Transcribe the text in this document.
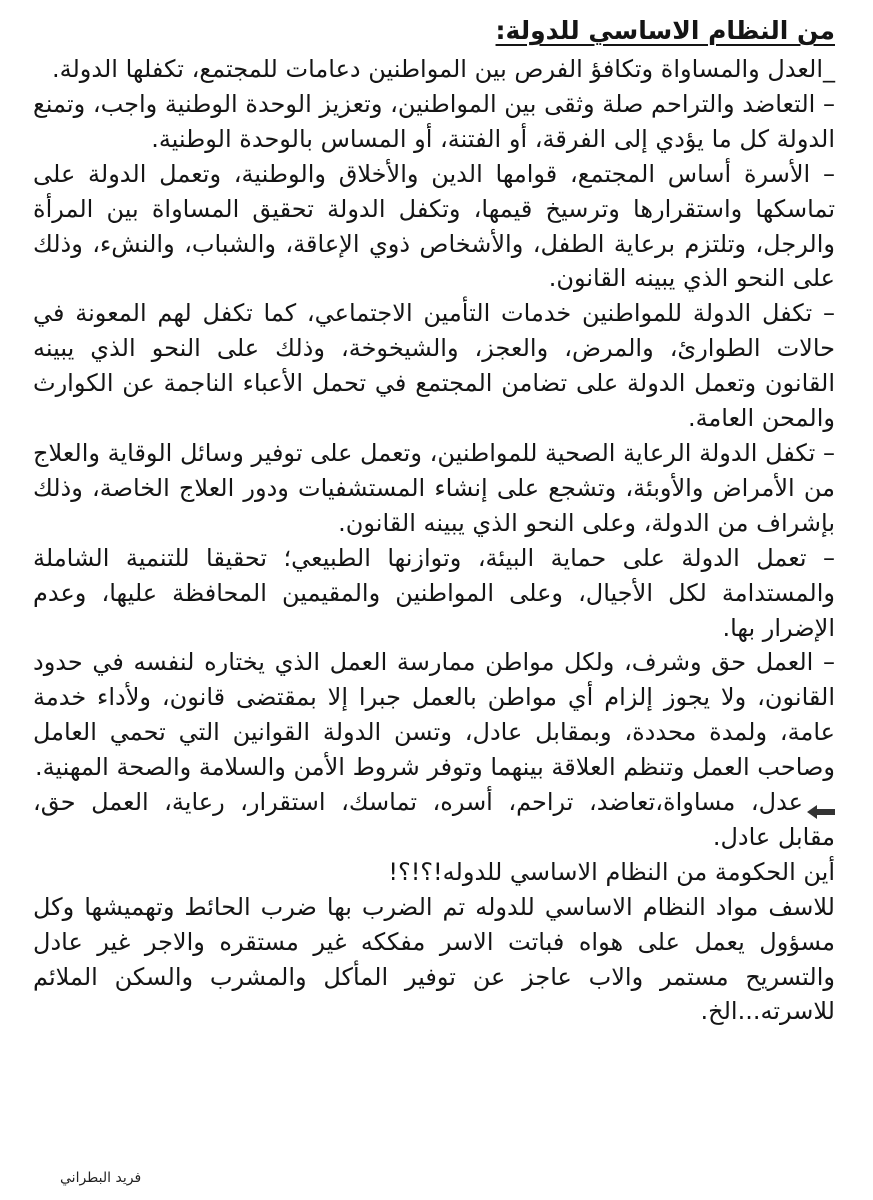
من النظام الاساسي للدولة:

_العدل والمساواة وتكافؤ الفرص بين المواطنين دعامات للمجتمع، تكفلها الدولة.

– التعاضد والتراحم صلة وثقى بين المواطنين، وتعزيز الوحدة الوطنية واجب، وتمنع الدولة كل ما يؤدي إلى الفرقة، أو الفتنة، أو المساس بالوحدة الوطنية.

– الأسرة أساس المجتمع، قوامها الدين والأخلاق والوطنية، وتعمل الدولة على تماسكها واستقرارها وترسيخ قيمها، وتكفل الدولة تحقيق المساواة بين المرأة والرجل، وتلتزم برعاية الطفل، والأشخاص ذوي الإعاقة، والشباب، والنشء، وذلك على النحو الذي يبينه القانون.

– تكفل الدولة للمواطنين خدمات التأمين الاجتماعي، كما تكفل لهم المعونة في حالات الطوارئ، والمرض، والعجز، والشيخوخة، وذلك على النحو الذي يبينه القانون وتعمل الدولة على تضامن المجتمع في تحمل الأعباء الناجمة عن الكوارث والمحن العامة.

– تكفل الدولة الرعاية الصحية للمواطنين، وتعمل على توفير وسائل الوقاية والعلاج من الأمراض والأوبئة، وتشجع على إنشاء المستشفيات ودور العلاج الخاصة، وذلك بإشراف من الدولة، وعلى النحو الذي يبينه القانون.

– تعمل الدولة على حماية البيئة، وتوازنها الطبيعي؛ تحقيقا للتنمية الشاملة والمستدامة لكل الأجيال، وعلى المواطنين والمقيمين المحافظة عليها، وعدم الإضرار بها.

– العمل حق وشرف، ولكل مواطن ممارسة العمل الذي يختاره لنفسه في حدود القانون، ولا يجوز إلزام أي مواطن بالعمل جبرا إلا بمقتضى قانون، ولأداء خدمة عامة، ولمدة محددة، وبمقابل عادل، وتسن الدولة القوانين التي تحمي العامل وصاحب العمل وتنظم العلاقة بينهما وتوفر شروط الأمن والسلامة والصحة المهنية.

عدل، مساواة،تعاضد، تراحم، أسره، تماسك، استقرار، رعاية، العمل حق، مقابل عادل.

أين الحكومة من النظام الاساسي للدوله!؟!؟!

للاسف مواد النظام الاساسي للدوله تم الضرب بها ضرب الحائط وتهميشها وكل مسؤول يعمل على هواه فباتت الاسر مفككه غير مستقره والاجر غير عادل والتسريح مستمر والاب عاجز عن توفير المأكل والمشرب والسكن الملائم للاسرته...الخ.

فريد البطراني
